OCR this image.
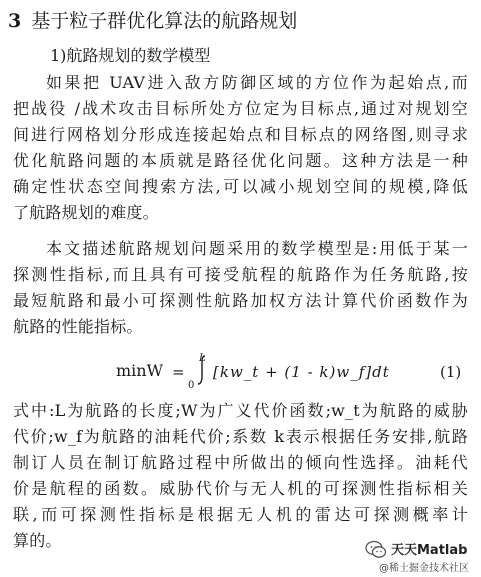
3 基于粒子群优化算法的航路规划
1)航路规划的数学模型
如果把 UAV进入敌方防御区域的方位作为起始点,而
把战役 /战术攻击目标所处方位定为目标点,通过对规划空
间进行网格划分形成连接起始点和目标点的网络图,则寻求
优化航路问题的本质就是路径优化问题。这种方法是一种
确定性状态空间搜索方法,可以减小规划空间的规模,降低
了航路规划的难度。
本文描述航路规划问题采用的数学模型是:用低于某一
探测性指标,而且具有可接受航程的航路作为任务航路,按
最短航路和最小可探测性航路加权方法计算代价函数作为
航路的性能指标。
minW =
L
0
[kw_t + (1 - k)w_f]dt	(1)
式中:L为航路的长度;W为广义代价函数;w_t为航路的威胁
代价;w_f为航路的油耗代价;系数 k表示根据任务安排,航路
制订人员在制订航路过程中所做出的倾向性选择。油耗代
价是航程的函数。威胁代价与无人机的可探测性指标相关
联,而可探测性指标是根据无人机的雷达可探测概率计
算的。
天天Matlab
@稀土掘金技术社区
